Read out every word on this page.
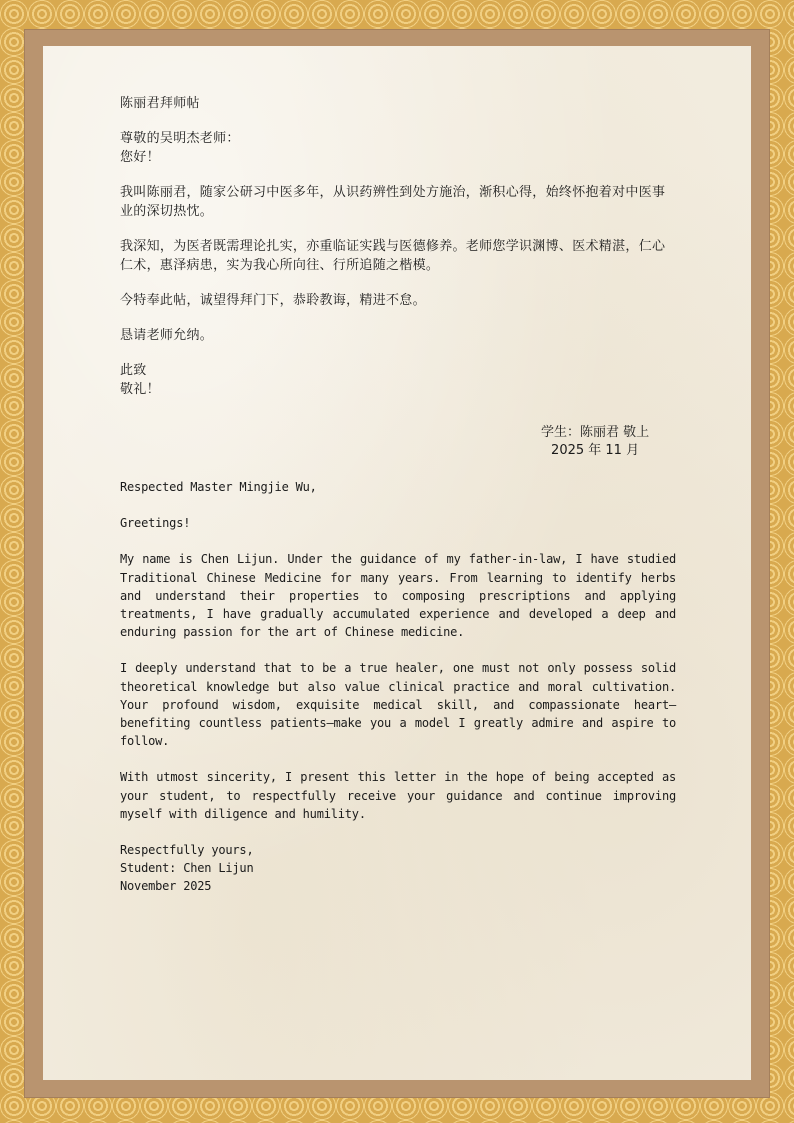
陈丽君拜师帖

尊敬的吴明杰老师：

您好！

我叫陈丽君，随家公研习中医多年，从识药辨性到处方施治，渐积心得，始终怀抱着对中医事业的深切热忱。

我深知，为医者既需理论扎实，亦重临证实践与医德修养。老师您学识渊博、医术精湛，仁心仁术，惠泽病患，实为我心所向往、行所追随之楷模。

今特奉此帖，诚望得拜门下，恭聆教诲，精进不怠。

恳请老师允纳。

此致

敬礼！

学生：陈丽君 敬上
2025 年 11 月

Respected Master Mingjie Wu,

Greetings!

My name is Chen Lijun. Under the guidance of my father-in-law, I have studied Traditional Chinese Medicine for many years. From learning to identify herbs and understand their properties to composing prescriptions and applying treatments, I have gradually accumulated experience and developed a deep and enduring passion for the art of Chinese medicine.

I deeply understand that to be a true healer, one must not only possess solid theoretical knowledge but also value clinical practice and moral cultivation. Your profound wisdom, exquisite medical skill, and compassionate heart—benefiting countless patients—make you a model I greatly admire and aspire to follow.

With utmost sincerity, I present this letter in the hope of being accepted as your student, to respectfully receive your guidance and continue improving myself with diligence and humility.

Respectfully yours,

Student: Chen Lijun

November 2025
